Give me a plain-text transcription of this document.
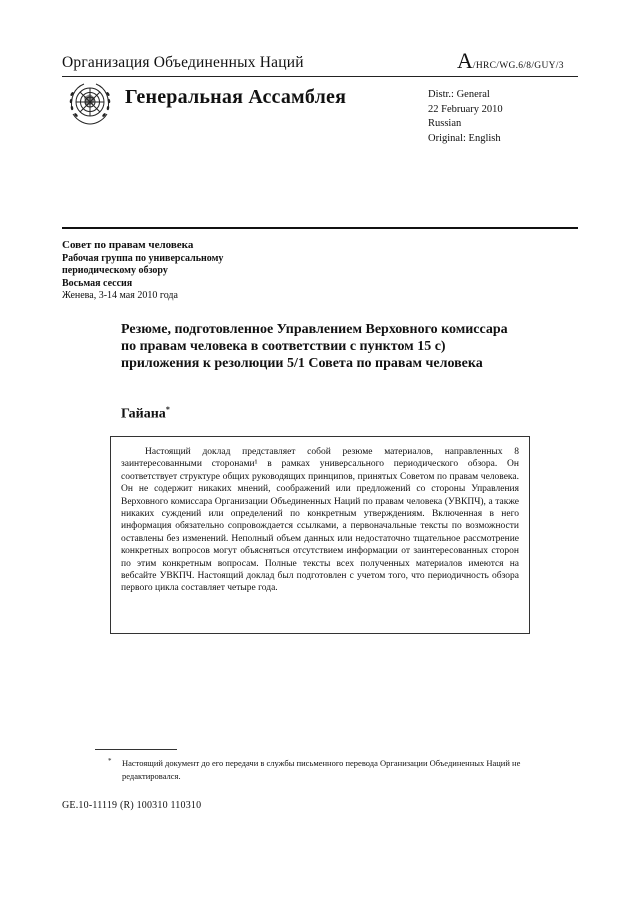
Организация Объединенных Наций	A/HRC/WG.6/8/GUY/3
Генеральная Ассамблея	Distr.: General
22 February 2010
Russian
Original: English
Совет по правам человека
Рабочая группа по универсальному
периодическому обзору
Восьмая сессия
Женева, 3-14 мая 2010 года
Резюме, подготовленное Управлением Верховного комиссара по правам человека в соответствии с пунктом 15 с) приложения к резолюции 5/1 Совета по правам человека
Гайана*
Настоящий доклад представляет собой резюме материалов, направленных 8 заинтересованными сторонами¹ в рамках универсального периодического обзора. Он соответствует структуре общих руководящих принципов, принятых Советом по правам человека. Он не содержит никаких мнений, соображений или предложений со стороны Управления Верховного комиссара Организации Объединенных Наций по правам человека (УВКПЧ), а также никаких суждений или определений по конкретным утверждениям. Включенная в него информация обязательно сопровождается ссылками, а первоначальные тексты по возможности оставлены без изменений. Неполный объем данных или недостаточно тщательное рассмотрение конкретных вопросов могут объясняться отсутствием информации от заинтересованных сторон по этим конкретным вопросам. Полные тексты всех полученных материалов имеются на вебсайте УВКПЧ. Настоящий доклад был подготовлен с учетом того, что периодичность обзора первого цикла составляет четыре года.
* Настоящий документ до его передачи в службы письменного перевода Организации Объединенных Наций не редактировался.
GE.10-11119 (R) 100310 110310
